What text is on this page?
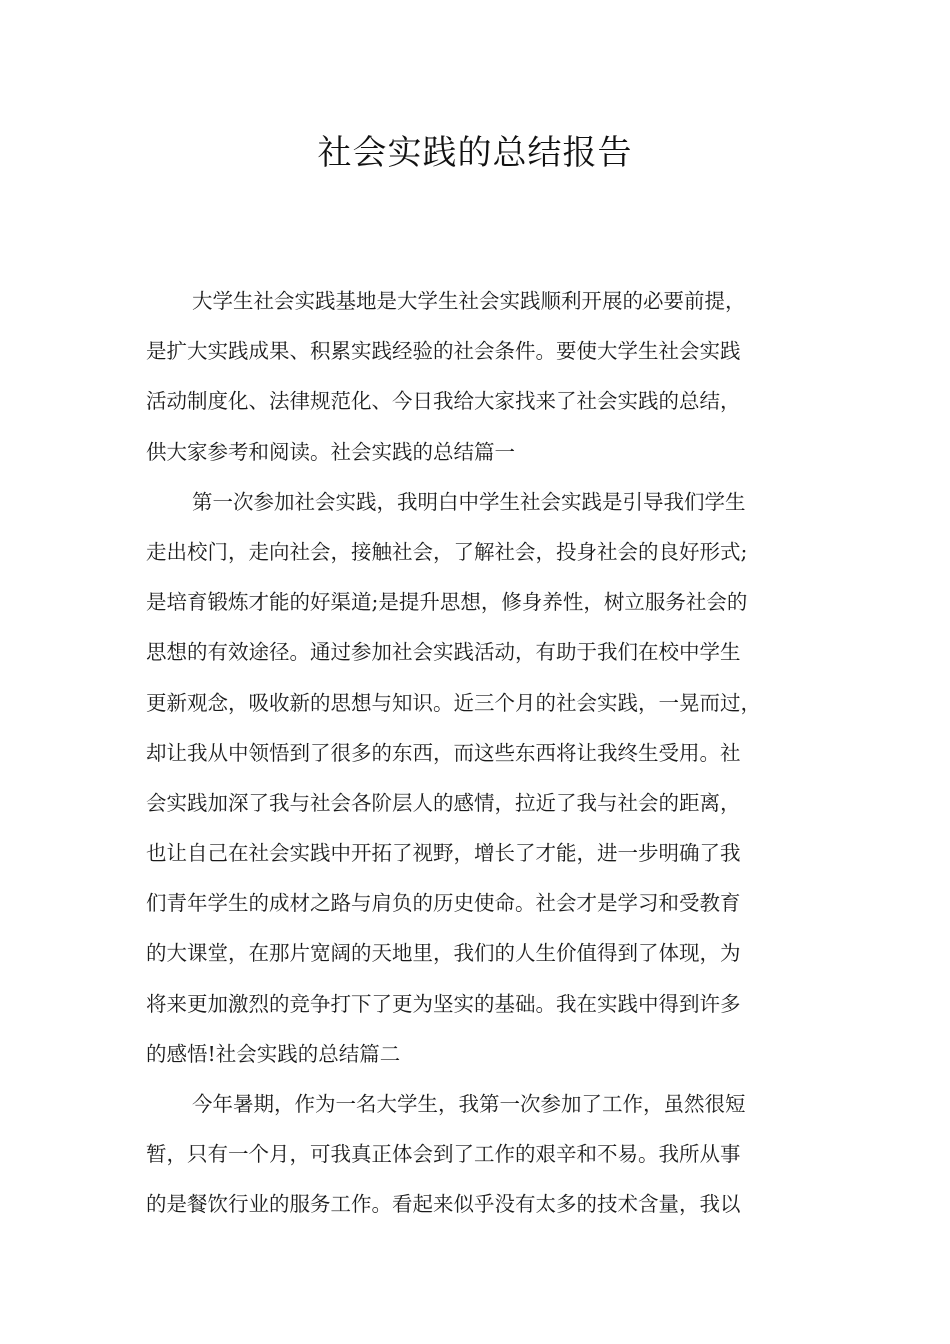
社会实践的总结报告
大学生社会实践基地是大学生社会实践顺利开展的必要前提，
是扩大实践成果、积累实践经验的社会条件。要使大学生社会实践
活动制度化、法律规范化、今日我给大家找来了社会实践的总结，
供大家参考和阅读。社会实践的总结篇一
第一次参加社会实践，我明白中学生社会实践是引导我们学生
走出校门，走向社会，接触社会，了解社会，投身社会的良好形式;
是培育锻炼才能的好渠道;是提升思想，修身养性，树立服务社会的
思想的有效途径。通过参加社会实践活动，有助于我们在校中学生
更新观念，吸收新的思想与知识。近三个月的社会实践，一晃而过，
却让我从中领悟到了很多的东西，而这些东西将让我终生受用。社
会实践加深了我与社会各阶层人的感情，拉近了我与社会的距离，
也让自己在社会实践中开拓了视野，增长了才能，进一步明确了我
们青年学生的成材之路与肩负的历史使命。社会才是学习和受教育
的大课堂，在那片宽阔的天地里，我们的人生价值得到了体现，为
将来更加激烈的竞争打下了更为坚实的基础。我在实践中得到许多
的感悟!社会实践的总结篇二
今年暑期，作为一名大学生，我第一次参加了工作，虽然很短
暂，只有一个月，可我真正体会到了工作的艰辛和不易。我所从事
的是餐饮行业的服务工作。看起来似乎没有太多的技术含量，我以
